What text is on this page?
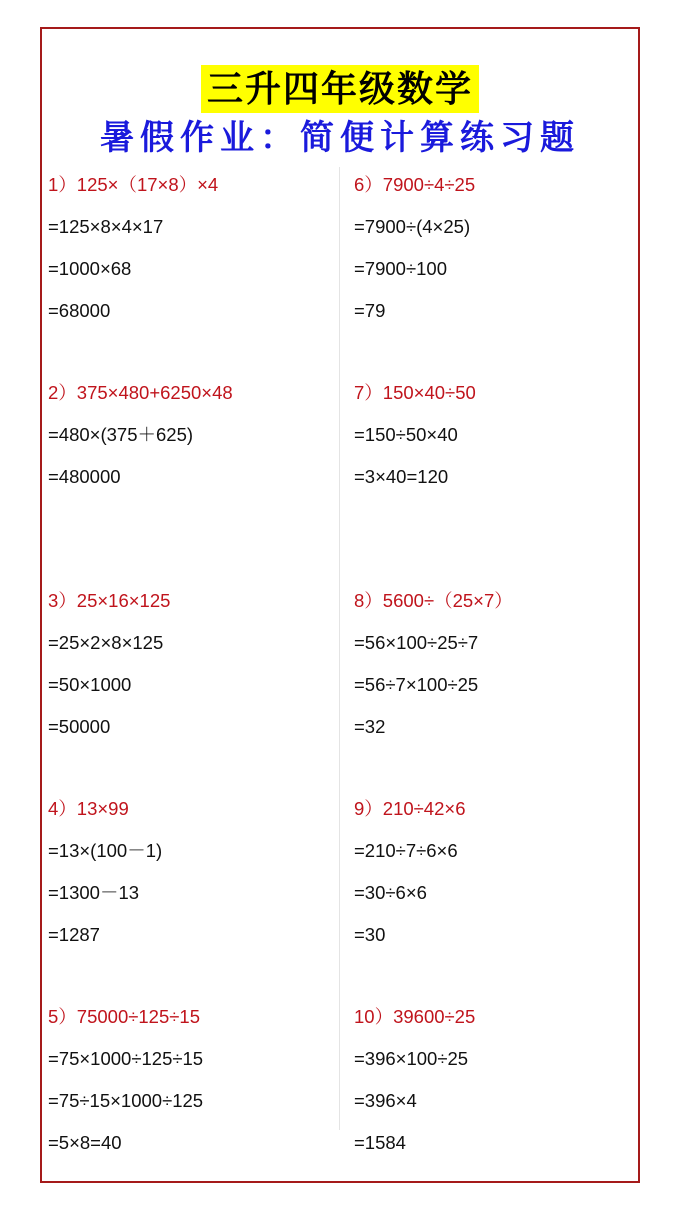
三升四年级数学
暑假作业：简便计算练习题
1）125×（17×8）×4
=125×8×4×17
=1000×68
=68000
2）375×480+6250×48
=480×(375＋625)
=480000
3）25×16×125
=25×2×8×125
=50×1000
=50000
4）13×99
=13×(100－1)
=1300－13
=1287
5）75000÷125÷15
=75×1000÷125÷15
=75÷15×1000÷125
=5×8=40
6）7900÷4÷25
=7900÷(4×25)
=7900÷100
=79
7）150×40÷50
=150÷50×40
=3×40=120
8）5600÷（25×7）
=56×100÷25÷7
=56÷7×100÷25
=32
9）210÷42×6
=210÷7÷6×6
=30÷6×6
=30
10）39600÷25
=396×100÷25
=396×4
=1584
